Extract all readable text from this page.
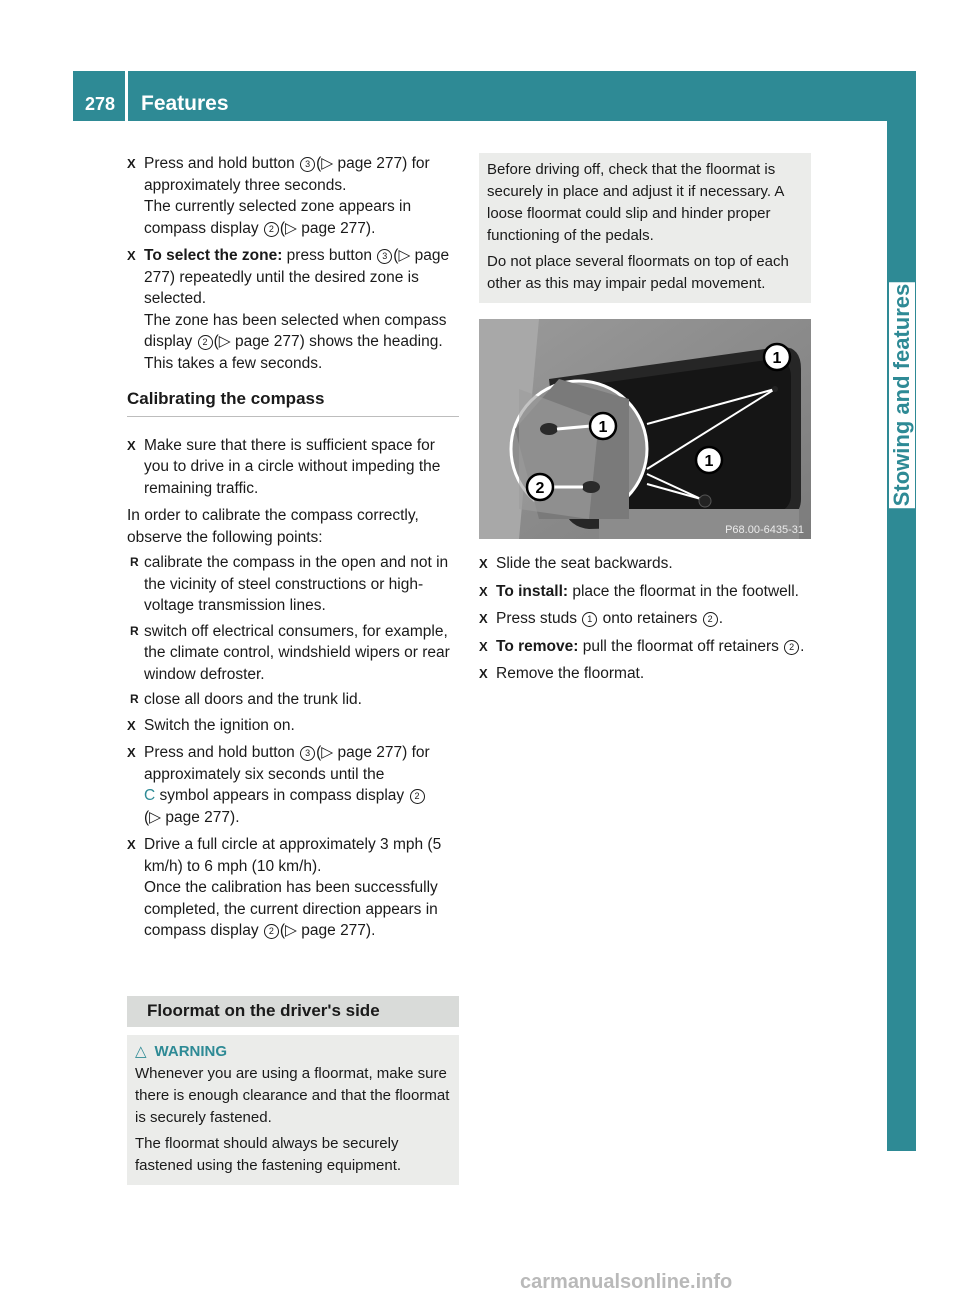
278	Features
Stowing and features
X Press and hold button 3 (▷ page 277) for approximately three seconds.
The currently selected zone appears in compass display 2 (▷ page 277).
X To select the zone: press button 3 (▷ page 277) repeatedly until the desired zone is selected.
The zone has been selected when compass display 2 (▷ page 277) shows the heading.
This takes a few seconds.
Calibrating the compass
X Make sure that there is sufficient space for you to drive in a circle without impeding the remaining traffic.

In order to calibrate the compass correctly, observe the following points:

R calibrate the compass in the open and not in the vicinity of steel constructions or high-voltage transmission lines.
R switch off electrical consumers, for example, the climate control, windshield wipers or rear window defroster.
R close all doors and the trunk lid.
X Switch the ignition on.
X Press and hold button 3 (▷ page 277) for approximately six seconds until the
C symbol appears in compass display 2
(▷ page 277).
X Drive a full circle at approximately 3 mph (5 km/h) to 6 mph (10 km/h).
Once the calibration has been successfully completed, the current direction appears in compass display 2 (▷ page 277).
Floormat on the driver's side
△ WARNING

Whenever you are using a floormat, make sure there is enough clearance and that the floormat is securely fastened.

The floormat should always be securely fastened using the fastening equipment.

Before driving off, check that the floormat is securely in place and adjust it if necessary. A loose floormat could slip and hinder proper functioning of the pedals.

Do not place several floormats on top of each other as this may impair pedal movement.

1
1
1
2
P68.00-6435-31
X Slide the seat backwards.
X To install: place the floormat in the footwell.
X Press studs 1 onto retainers 2 .
X To remove: pull the floormat off retainers 2 .
X Remove the floormat.
carmanualsonline.info
